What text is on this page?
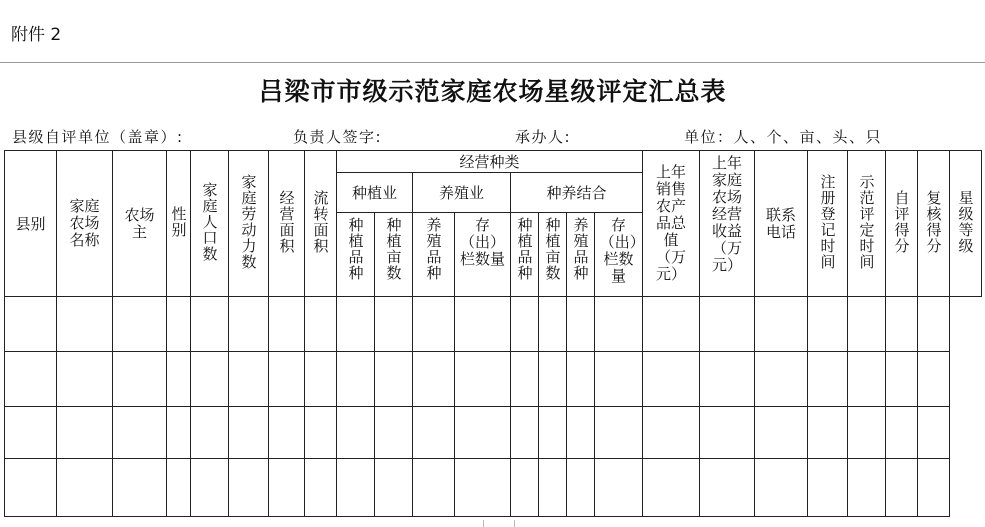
附件 2
吕梁市市级示范家庭农场星级评定汇总表
县级自评单位（盖章）:	负责人签字:	承办人:	单位：人、个、亩、头、只
县别	家庭农场名称	农场主	性别	家庭人口数	家庭劳动力数	经营面积	流转面积	经营种类								上年销售农产品总值（万元）	上年家庭农场经营收益（万元）	联系电话	注册登记时间	示范评定时间	自评得分	复核得分	星级等级
								种植业		养殖业		种养结合											
								种植品种	种植亩数	养殖品种	存（出）栏数量	种植品种	种植亩数	养殖品种	存（出）栏数量								
